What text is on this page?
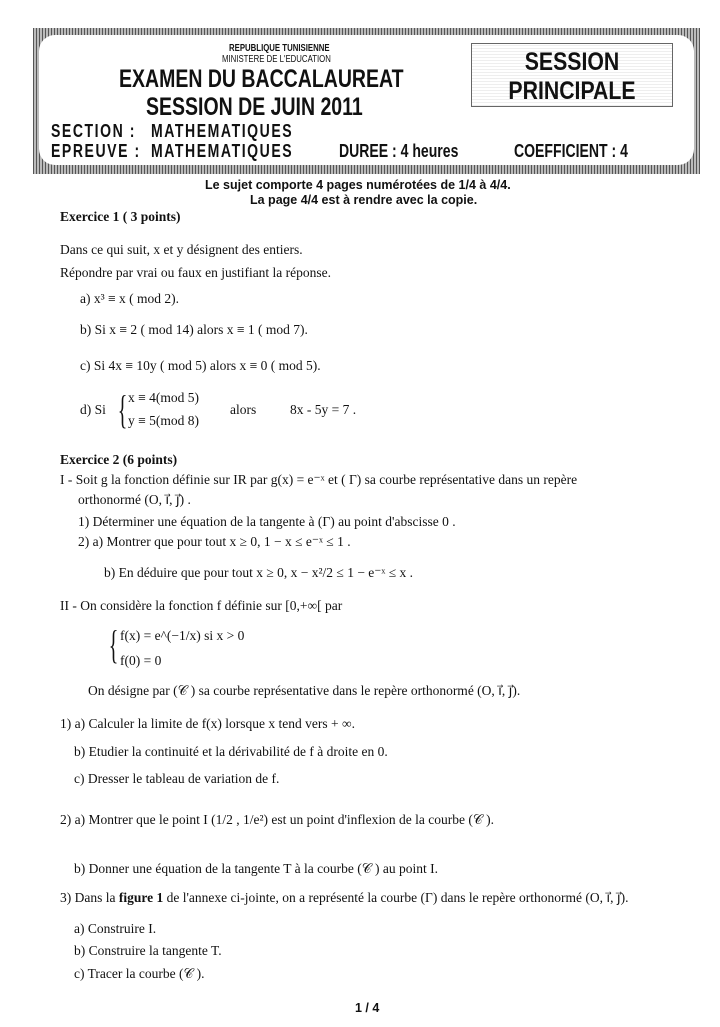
REPUBLIQUE TUNISIENNE
MINISTERE DE L'EDUCATION
EXAMEN DU BACCALAUREAT
SESSION DE JUIN 2011
SECTION : MATHEMATIQUES
EPREUVE : MATHEMATIQUES	DUREE : 4 heures	COEFFICIENT : 4
SESSION
PRINCIPALE
Le sujet comporte 4 pages numérotées de 1/4 à 4/4.
La page 4/4 est à rendre avec la copie.
Exercice 1 ( 3 points)
Dans ce qui suit, x et y désignent des entiers.
Répondre par vrai ou faux en justifiant la réponse.
a) x³ ≡ x ( mod 2).
b) Si x ≡ 2 ( mod 14) alors x ≡ 1 ( mod 7).
c) Si 4x ≡ 10y ( mod 5) alors x ≡ 0 ( mod 5).
d) Si { x ≡ 4(mod 5)
y ≡ 5(mod 8)
alors	8x - 5y = 7 .
Exercice 2 (6 points)
I - Soit g la fonction définie sur IR par g(x) = e⁻ˣ et ( Γ) sa courbe représentative dans un repère
orthonormé (O, i⃗, j⃗) .
1) Déterminer une équation de la tangente à (Γ) au point d'abscisse 0 .
2) a) Montrer que pour tout x ≥ 0, 1 − x ≤ e⁻ˣ ≤ 1 .
b) En déduire que pour tout x ≥ 0, x − x²/2 ≤ 1 − e⁻ˣ ≤ x .
II - On considère la fonction f définie sur [0,+∞[ par
{ f(x) = e^(−1/x) si x > 0
f(0) = 0
On désigne par (𝒞 ) sa courbe représentative dans le repère orthonormé (O, i⃗, j⃗).
1) a) Calculer la limite de f(x) lorsque x tend vers + ∞.
b) Etudier la continuité et la dérivabilité de f à droite en 0.
c) Dresser le tableau de variation de f.
2) a) Montrer que le point I (1/2 , 1/e²) est un point d'inflexion de la courbe (𝒞 ).
b) Donner une équation de la tangente T à la courbe (𝒞 ) au point I.
3) Dans la figure 1 de l'annexe ci-jointe, on a représenté la courbe (Γ) dans le repère orthonormé (O, i⃗, j⃗).
a) Construire I.
b) Construire la tangente T.
c) Tracer la courbe (𝒞 ).
1 / 4
